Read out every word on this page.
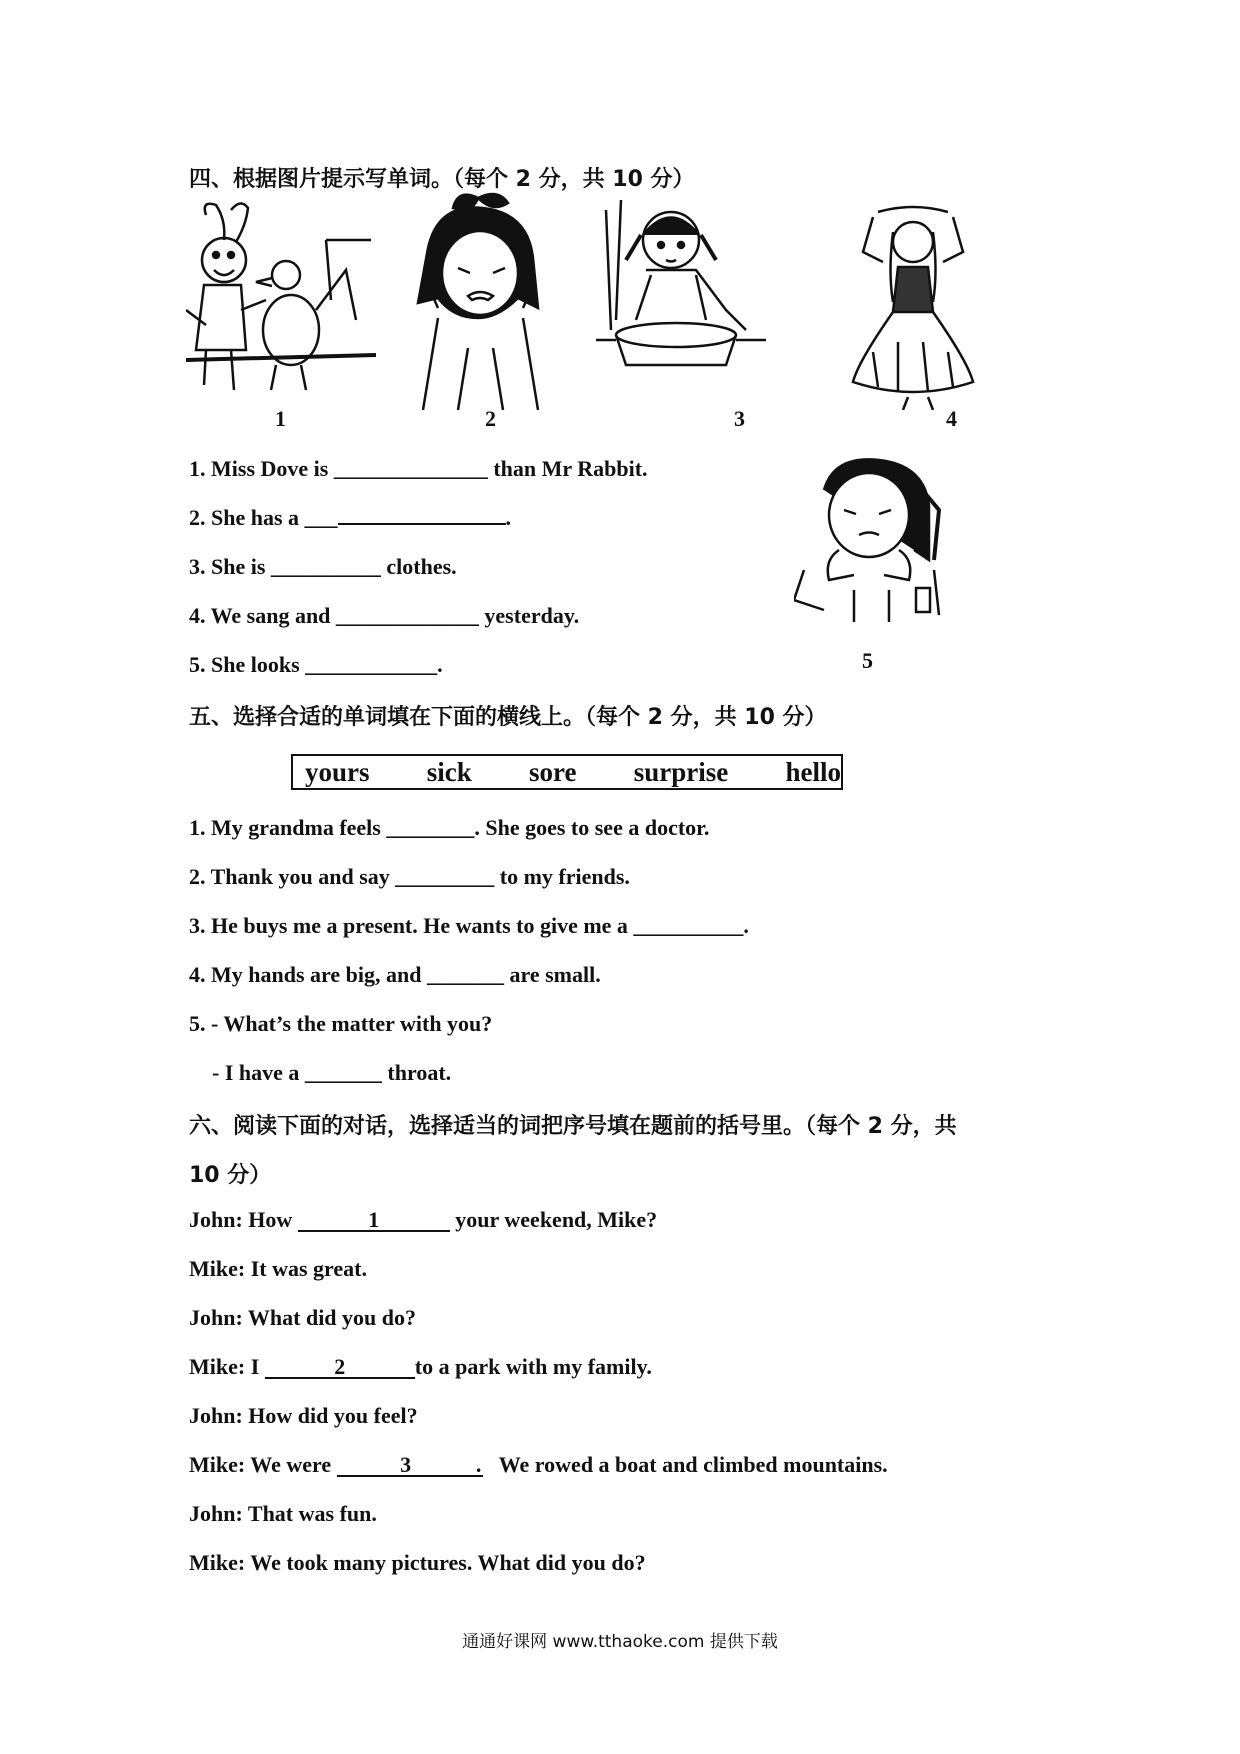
四、根据图片提示写单词。（每个 2 分，共 10 分）
1	2	3	4
5
1. Miss Dove is ______________ than Mr Rabbit.
2. She has a ___	.
3. She is __________ clothes.
4. We sang and _____________ yesterday.
5. She looks ____________.
五、选择合适的单词填在下面的横线上。（每个 2 分，共 10 分）
yours sick sore surprise hello
1. My grandma feels ________. She goes to see a doctor.
2. Thank you and say _________ to my friends.
3. He buys me a present. He wants to give me a __________.
4. My hands are big, and _______ are small.
5. - What’s the matter with you?
- I have a _______ throat.
六、阅读下面的对话，选择适当的词把序号填在题前的括号里。（每个 2 分，共
10 分）
John: How	1	your weekend, Mike?
Mike: It was great.
John: What did you do?
Mike: I	2	to a park with my family.
John: How did you feel?
Mike: We were	3	.   We rowed a boat and climbed mountains.
John: That was fun.
Mike: We took many pictures. What did you do?
通通好课网 www.tthaoke.com 提供下载
